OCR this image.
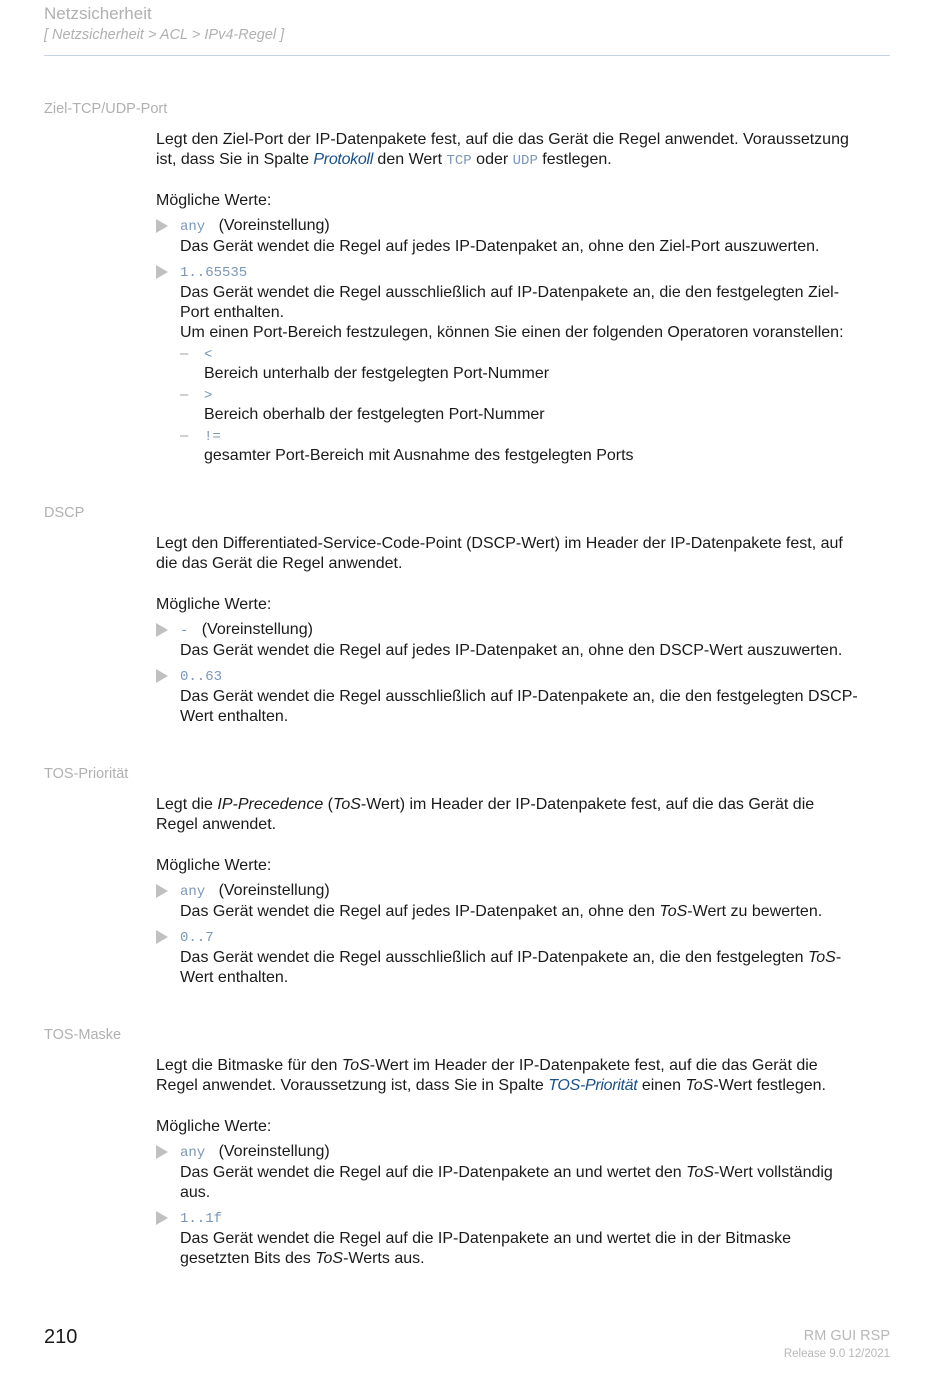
Netzsicherheit
[ Netzsicherheit > ACL > IPv4-Regel ]
Ziel-TCP/UDP-Port
Legt den Ziel-Port der IP-Datenpakete fest, auf die das Gerät die Regel anwendet. Voraussetzung
ist, dass Sie in Spalte Protokoll den Wert TCP oder UDP festlegen.
Mögliche Werte:
any (Voreinstellung)
Das Gerät wendet die Regel auf jedes IP-Datenpaket an, ohne den Ziel-Port auszuwerten.
1..65535
Das Gerät wendet die Regel ausschließlich auf IP-Datenpakete an, die den festgelegten Ziel-
Port enthalten.
Um einen Port-Bereich festzulegen, können Sie einen der folgenden Operatoren voranstellen:
– <
Bereich unterhalb der festgelegten Port-Nummer
– >
Bereich oberhalb der festgelegten Port-Nummer
– !=
gesamter Port-Bereich mit Ausnahme des festgelegten Ports
DSCP
Legt den Differentiated-Service-Code-Point (DSCP-Wert) im Header der IP-Datenpakete fest, auf
die das Gerät die Regel anwendet.
Mögliche Werte:
- (Voreinstellung)
Das Gerät wendet die Regel auf jedes IP-Datenpaket an, ohne den DSCP-Wert auszuwerten.
0..63
Das Gerät wendet die Regel ausschließlich auf IP-Datenpakete an, die den festgelegten DSCP-
Wert enthalten.
TOS-Priorität
Legt die IP-Precedence (ToS-Wert) im Header der IP-Datenpakete fest, auf die das Gerät die
Regel anwendet.
Mögliche Werte:
any (Voreinstellung)
Das Gerät wendet die Regel auf jedes IP-Datenpaket an, ohne den ToS-Wert zu bewerten.
0..7
Das Gerät wendet die Regel ausschließlich auf IP-Datenpakete an, die den festgelegten ToS-
Wert enthalten.
TOS-Maske
Legt die Bitmaske für den ToS-Wert im Header der IP-Datenpakete fest, auf die das Gerät die
Regel anwendet. Voraussetzung ist, dass Sie in Spalte TOS-Priorität einen ToS-Wert festlegen.
Mögliche Werte:
any (Voreinstellung)
Das Gerät wendet die Regel auf die IP-Datenpakete an und wertet den ToS-Wert vollständig
aus.
1..1f
Das Gerät wendet die Regel auf die IP-Datenpakete an und wertet die in der Bitmaske
gesetzten Bits des ToS-Werts aus.
210	RM GUI RSP
Release 9.0 12/2021
